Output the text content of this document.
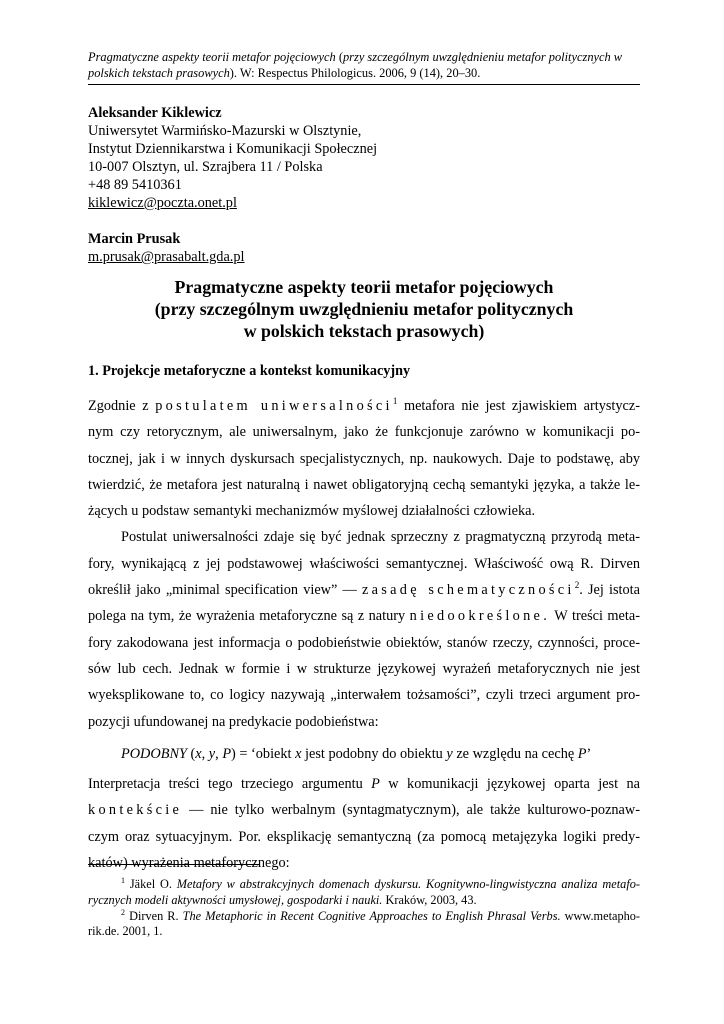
Pragmatyczne aspekty teorii metafor pojęciowych (przy szczególnym uwzględnieniu metafor politycznych w
polskich tekstach prasowych). W: Respectus Philologicus. 2006, 9 (14), 20–30.
Aleksander Kiklewicz
Uniwersytet Warmińsko-Mazurski w Olsztynie,
Instytut Dziennikarstwa i Komunikacji Społecznej
10-007 Olsztyn, ul. Szrajbera 11 / Polska
+48 89 5410361
kiklewicz@poczta.onet.pl
Marcin Prusak
m.prusak@prasabalt.gda.pl
Pragmatyczne aspekty teorii metafor pojęciowych
(przy szczególnym uwzględnieniu metafor politycznych
w polskich tekstach prasowych)
1. Projekcje metaforyczne a kontekst komunikacyjny
Zgodnie z postulatem uniwersalności$^1$ metafora nie jest zjawiskiem artystycz-
nym czy retorycznym, ale uniwersalnym, jako że funkcjonuje zarówno w komunikacji po-
tocznej, jak i w innych dyskursach specjalistycznych, np. naukowych. Daje to podstawę, aby
twierdzić, że metafora jest naturalną i nawet obligatoryjną cechą semantyki języka, a także le-
żących u podstaw semantyki mechanizmów myślowej działalności człowieka.
Postulat uniwersalności zdaje się być jednak sprzeczny z pragmatyczną przyrodą meta-
fory, wynikającą z jej podstawowej właściwości semantycznej. Właściwość ową R. Dirven
określił jako „minimal specification view” — zasadę schematyczności$^2$. Jej istota
polega na tym, że wyrażenia metaforyczne są z natury niedookreślone. W treści meta-
fory zakodowana jest informacja o podobieństwie obiektów, stanów rzeczy, czynności, proce-
sów lub cech. Jednak w formie i w strukturze językowej wyrażeń metaforycznych nie jest
wyeksplikowane to, co logicy nazywają „interwałem tożsamości”, czyli trzeci argument pro-
pozycji ufundowanej na predykacie podobieństwa:
PODOBNY (x, y, P) = ‘obiekt x jest podobny do obiektu y ze względu na cechę P’
Interpretacja treści tego trzeciego argumentu P w komunikacji językowej oparta jest na
kontekście — nie tylko werbalnym (syntagmatycznym), ale także kulturowo-poznaw-
czym oraz sytuacyjnym. Por. eksplikację semantyczną (za pomocą metajęzyka logiki predy-
katów) wyrażenia metaforycznego:
$^1$ Jäkel O. Metafory w abstrakcyjnych domenach dyskursu. Kognitywno-lingwistyczna analiza metafo-
rycznych modeli aktywności umysłowej, gospodarki i nauki. Kraków, 2003, 43.
$^2$ Dirven R. The Metaphoric in Recent Cognitive Approaches to English Phrasal Verbs. www.metapho-
rik.de. 2001, 1.
